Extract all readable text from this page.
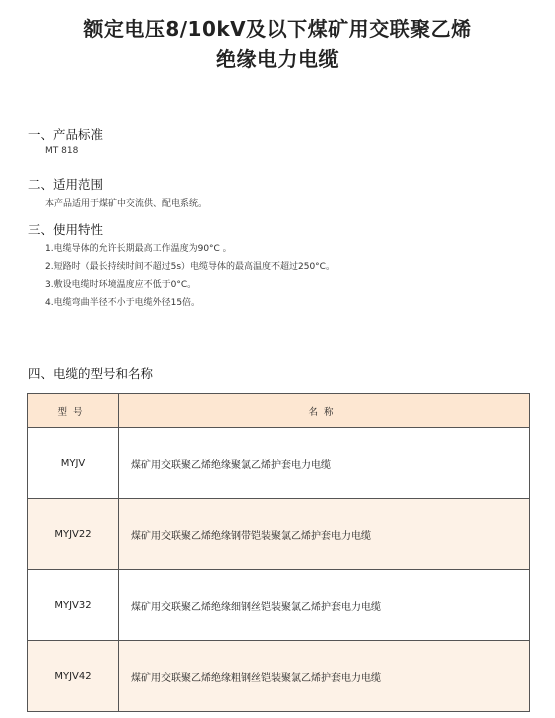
额定电压8/10kV及以下煤矿用交联聚乙烯
绝缘电力电缆
一、产品标准
MT 818
二、适用范围
本产品适用于煤矿中交流供、配电系统。
三、使用特性
1.电缆导体的允许长期最高工作温度为90°C 。
2.短路时（最长持续时间不超过5s）电缆导体的最高温度不超过250°C。
3.敷设电缆时环境温度应不低于0°C。
4.电缆弯曲半径不小于电缆外径15倍。
四、电缆的型号和名称
型号	名称
MYJV	煤矿用交联聚乙烯绝缘聚氯乙烯护套电力电缆
MYJV22	煤矿用交联聚乙烯绝缘钢带铠装聚氯乙烯护套电力电缆
MYJV32	煤矿用交联聚乙烯绝缘细钢丝铠装聚氯乙烯护套电力电缆
MYJV42	煤矿用交联聚乙烯绝缘粗钢丝铠装聚氯乙烯护套电力电缆
